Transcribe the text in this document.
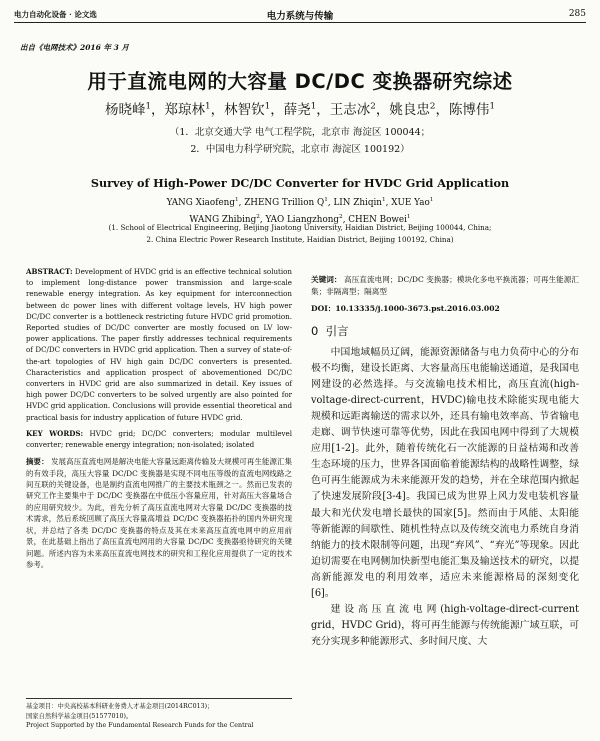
电力自动化设备 · 论文选	电力系统与传输	285
出自《电网技术》2016 年 3 月
用于直流电网的大容量 DC/DC 变换器研究综述
杨晓峰$^1$，郑琼林$^1$，林智钦$^1$，薛尧$^1$，王志冰$^2$，姚良忠$^2$，陈博伟$^1$
（1．北京交通大学 电气工程学院，北京市 海淀区 100044；
2．中国电力科学研究院，北京市 海淀区 100192）
Survey of High-Power DC/DC Converter for HVDC Grid Application
YANG Xiaofeng$^1$, ZHENG Trillion $Q^1$, LIN Zhiqin$^1$, XUE Yao$^1$
WANG Zhibing$^2$, YAO Liangzhong$^2$, CHEN Bowei$^1$
(1. School of Electrical Engineering, Beijing Jiaotong University, Haidian District, Beijing 100044, China;
2. China Electric Power Research Institute, Haidian District, Beijing 100192, China)
ABSTRACT: Development of HVDC grid is an effective technical solution to implement long-distance power transmission and large-scale renewable energy integration. As key equipment for interconnection between dc power lines with different voltage levels, HV high power DC/DC converter is a bottleneck restricting future HVDC grid promotion. Reported studies of DC/DC converter are mostly focused on LV low-power applications. The paper firstly addresses technical requirements of DC/DC converters in HVDC grid application. Then a survey of state-of-the-art topologies of HV high gain DC/DC converters is presented. Characteristics and application prospect of abovementioned DC/DC converters in HVDC grid are also summarized in detail. Key issues of high power DC/DC converters to be solved urgently are also pointed for HVDC grid application. Conclusions will provide essential theoretical and practical basis for industry application of future HVDC grid.
KEY WORDS: HVDC grid; DC/DC converters; modular multilevel converter; renewable energy integration; non-isolated; isolated
摘要： 发展高压直流电网是解决电能大容量远距离传输及大规模可再生能源汇集的有效手段，高压大容量 DC/DC 变换器是实现不同电压等级的直流电网线路之间互联的关键设备，也是制约直流电网推广的主要技术瓶颈之一。然而已发表的研究工作主要集中于 DC/DC 变换器在中低压小容量应用，针对高压大容量场合的应用研究较少。为此，首先分析了高压直流电网对大容量 DC/DC 变换器的技术需求，然后系统回顾了高压大容量高增益 DC/DC 变换器拓扑的国内外研究现状，并总结了各类 DC/DC 变换器的特点及其在未来高压直流电网中的应用前景，在此基础上指出了高压直流电网用的大容量 DC/DC 变换器亟待研究的关键问题。所述内容为未来高压直流电网技术的研究和工程化应用提供了一定的技术参考。
关键词： 高压直流电网；DC/DC 变换器；模块化多电平换流器；可再生能源汇集；非隔离型；隔离型
DOI：10.13335/j.1000-3673.pst.2016.03.002
0 引言

中国地域幅员辽阔，能源资源储备与电力负荷中心的分布极不均衡，建设长距离、大容量高压电能输送通道，是我国电网建设的必然选择。与交流输电技术相比，高压直流(high-voltage-direct-current，HVDC)输电技术除能实现电能大规模和远距离输送的需求以外，还具有输电效率高、节省输电走廊、调节快速可靠等优势，因此在我国电网中得到了大规模应用[1-2]。此外，随着传统化石一次能源的日益枯竭和改善生态环境的压力，世界各国面临着能源结构的战略性调整，绿色可再生能源成为未来能源开发的趋势，并在全球范围内掀起了快速发展阶段[3-4]。我国已成为世界上风力发电装机容量最大和光伏发电增长最快的国家[5]。然而由于风能、太阳能等新能源的间歇性、随机性特点以及传统交流电力系统自身消纳能力的技术限制等问题，出现“弃风”、“弃光”等现象。因此迫切需要在电网侧加快新型电能汇集及输送技术的研究，以提高新能源发电的利用效率，适应未来能源格局的深刻变化[6]。

建设高压直流电网(high-voltage-direct-current grid，HVDC Grid)，将可再生能源与传统能源广域互联，可充分实现多种能源形式、多时间尺度、大

基金项目：中央高校基本科研业务费人才基金项目(2014RC013)；
国家自然科学基金项目(51577010)。
Project Supported by the Fundamental Research Funds for the Central
